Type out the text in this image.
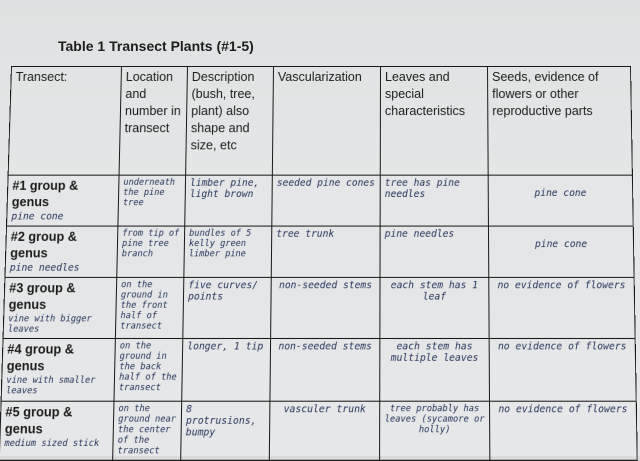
Table 1 Transect Plants (#1-5)
Transect:	Location and number in transect	Description (bush, tree, plant) also shape and size, etc	Vascularization	Leaves and special characteristics	Seeds, evidence of flowers or other reproductive parts
#1 group & genus
pine cone	underneath the pine tree	limber pine, light brown	seeded pine cones	tree has pine needles	pine cone
#2 group & genus
pine needles	from tip of pine tree branch	bundles of 5 kelly green limber pine	tree trunk	pine needles	pine cone
#3 group & genus
vine with bigger leaves	on the ground in the front half of transect	five curves/ points	non-seeded stems	each stem has 1 leaf	no evidence of flowers
#4 group & genus
vine with smaller leaves	on the ground in the back half of the transect	longer, 1 tip	non-seeded stems	each stem has multiple leaves	no evidence of flowers
#5 group & genus
medium sized stick	on the ground near the center of the transect	8 protrusions, bumpy	vasculer trunk	tree probably has leaves (sycamore or holly)	no evidence of flowers
